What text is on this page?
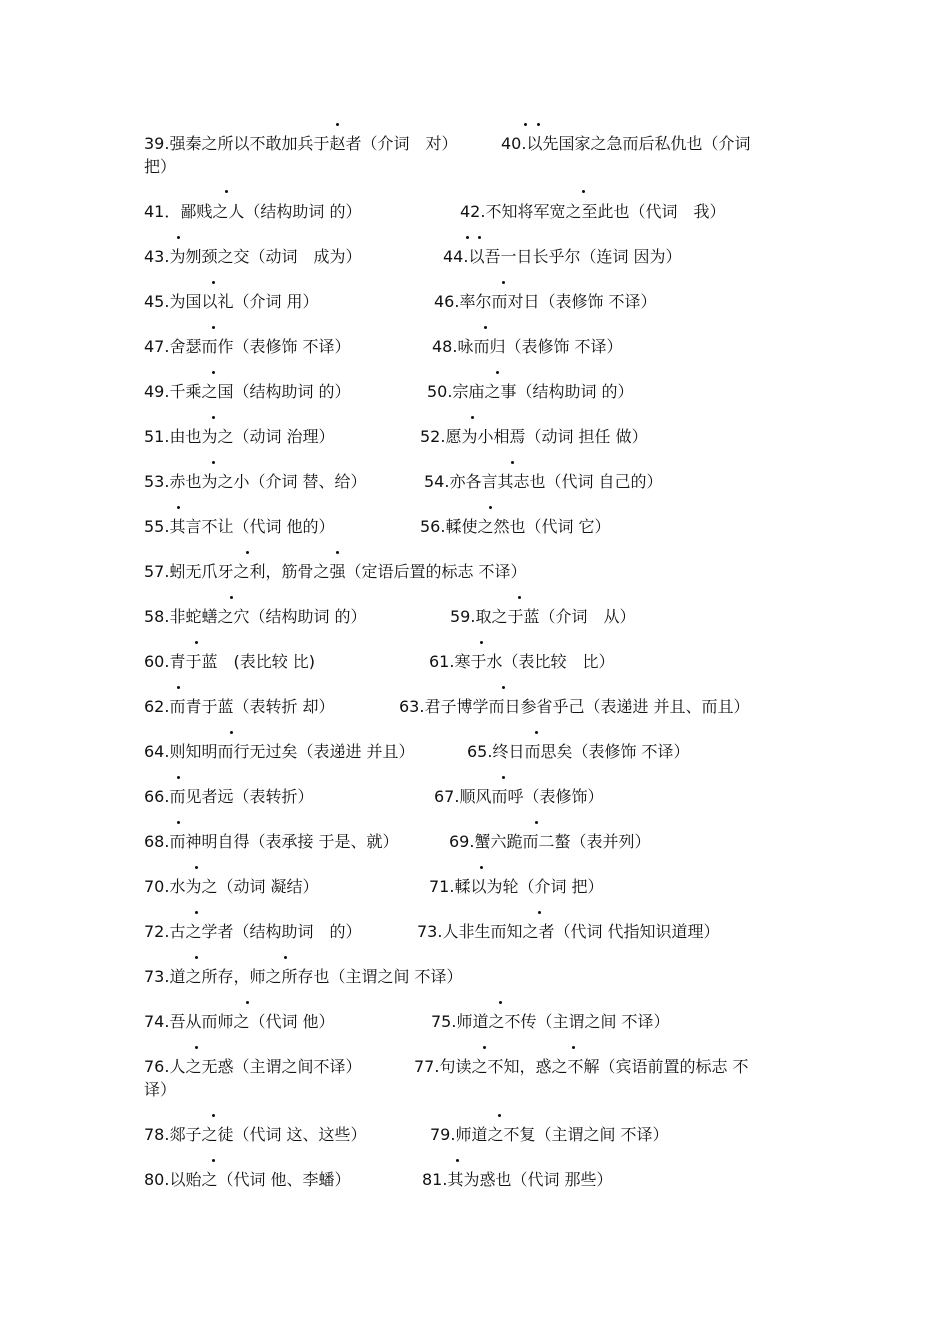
39.强秦之所以不敢加兵于赵者（介词　对）	40.以先国家之急而后私仇也（介词
把）
41．鄙贱之人（结构助词 的）	42.不知将军宽之至此也（代词　我）
43.为刎颈之交（动词　成为）	44.以吾一日长乎尔（连词 因为）
45.为国以礼（介词 用）	46.率尔而对日（表修饰 不译）
47.舍瑟而作（表修饰 不译）	48.咏而归（表修饰 不译）
49.千乘之国（结构助词 的）	50.宗庙之事（结构助词 的）
51.由也为之（动词 治理）	52.愿为小相焉（动词 担任 做）
53.赤也为之小（介词 替、给）	54.亦各言其志也（代词 自己的）
55.其言不让（代词 他的）	56.輮使之然也（代词 它）
57.蚓无爪牙之利，筋骨之强（定语后置的标志 不译）
58.非蛇蟮之穴（结构助词 的）	59.取之于蓝（介词　从）
60.青于蓝　(表比较 比)	61.寒于水（表比较　比）
62.而青于蓝（表转折 却）	63.君子博学而日参省乎己（表递进 并且、而且）
64.则知明而行无过矣（表递进 并且）	65.终日而思矣（表修饰 不译）
66.而见者远（表转折）	67.顺风而呼（表修饰）
68.而神明自得（表承接 于是、就）	69.蟹六跪而二螯（表并列）
70.水为之（动词 凝结）	71.輮以为轮（介词 把）
72.古之学者（结构助词　的）	73.人非生而知之者（代词 代指知识道理）
73.道之所存，师之所存也（主谓之间 不译）
74.吾从而师之（代词 他）	75.师道之不传（主谓之间 不译）
76.人之无惑（主谓之间不译）	77.句读之不知，惑之不解（宾语前置的标志 不
译）
78.郯子之徒（代词 这、这些）	79.师道之不复（主谓之间 不译）
80.以贻之（代词 他、李蟠）	81.其为惑也（代词 那些）
